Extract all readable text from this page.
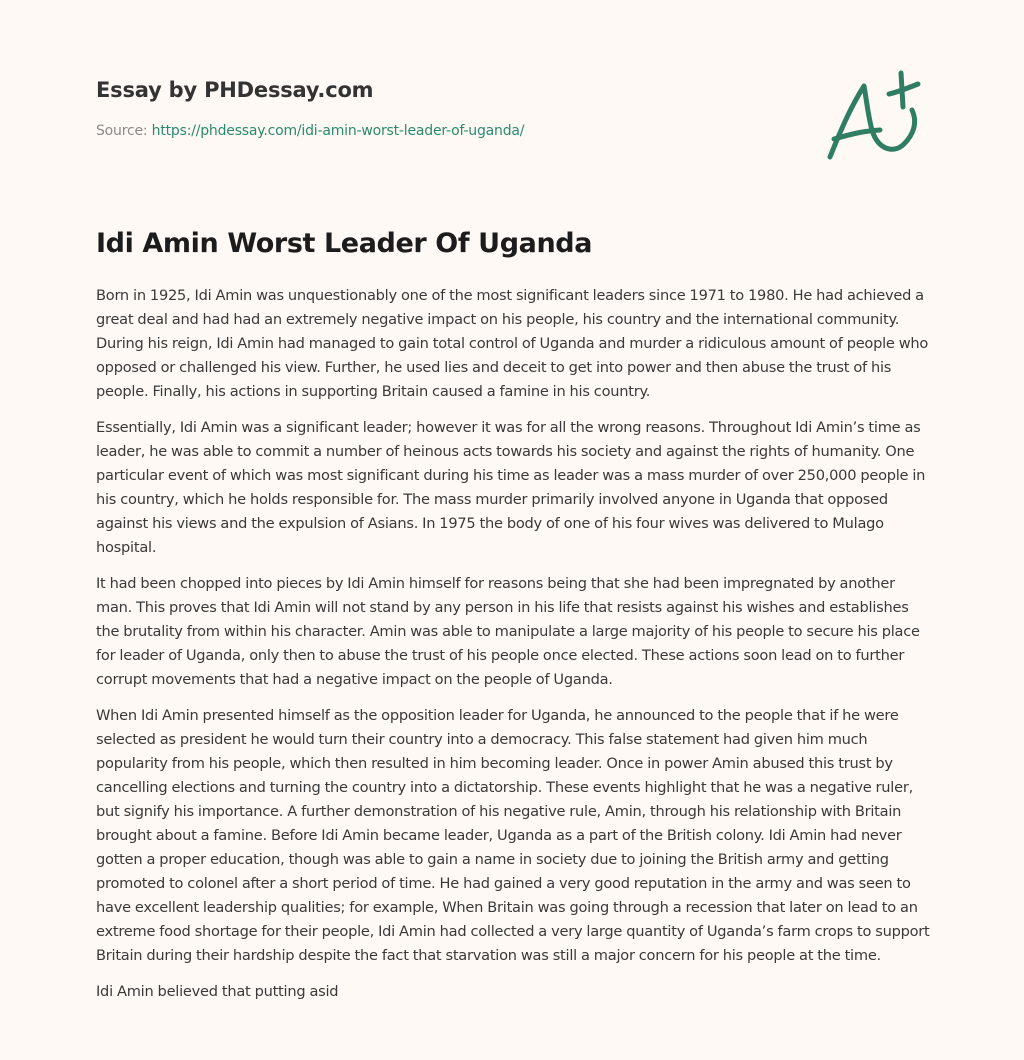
Essay by PHDessay.com
Source: https://phdessay.com/idi-amin-worst-leader-of-uganda/
Idi Amin Worst Leader Of Uganda

Born in 1925, Idi Amin was unquestionably one of the most significant leaders since 1971 to 1980. He had achieved a great deal and had had an extremely negative impact on his people, his country and the international community. During his reign, Idi Amin had managed to gain total control of Uganda and murder a ridiculous amount of people who opposed or challenged his view. Further, he used lies and deceit to get into power and then abuse the trust of his people. Finally, his actions in supporting Britain caused a famine in his country.

Essentially, Idi Amin was a significant leader; however it was for all the wrong reasons. Throughout Idi Amin’s time as leader, he was able to commit a number of heinous acts towards his society and against the rights of humanity. One particular event of which was most significant during his time as leader was a mass murder of over 250,000 people in his country, which he holds responsible for. The mass murder primarily involved anyone in Uganda that opposed against his views and the expulsion of Asians. In 1975 the body of one of his four wives was delivered to Mulago hospital.

It had been chopped into pieces by Idi Amin himself for reasons being that she had been impregnated by another man. This proves that Idi Amin will not stand by any person in his life that resists against his wishes and establishes the brutality from within his character. Amin was able to manipulate a large majority of his people to secure his place for leader of Uganda, only then to abuse the trust of his people once elected. These actions soon lead on to further corrupt movements that had a negative impact on the people of Uganda.

When Idi Amin presented himself as the opposition leader for Uganda, he announced to the people that if he were selected as president he would turn their country into a democracy. This false statement had given him much popularity from his people, which then resulted in him becoming leader. Once in power Amin abused this trust by cancelling elections and turning the country into a dictatorship. These events highlight that he was a negative ruler, but signify his importance. A further demonstration of his negative rule, Amin, through his relationship with Britain brought about a famine. Before Idi Amin became leader, Uganda as a part of the British colony. Idi Amin had never gotten a proper education, though was able to gain a name in society due to joining the British army and getting promoted to colonel after a short period of time. He had gained a very good reputation in the army and was seen to have excellent leadership qualities; for example, When Britain was going through a recession that later on lead to an extreme food shortage for their people, Idi Amin had collected a very large quantity of Uganda’s farm crops to support Britain during their hardship despite the fact that starvation was still a major concern for his people at the time.

Idi Amin believed that putting asid
